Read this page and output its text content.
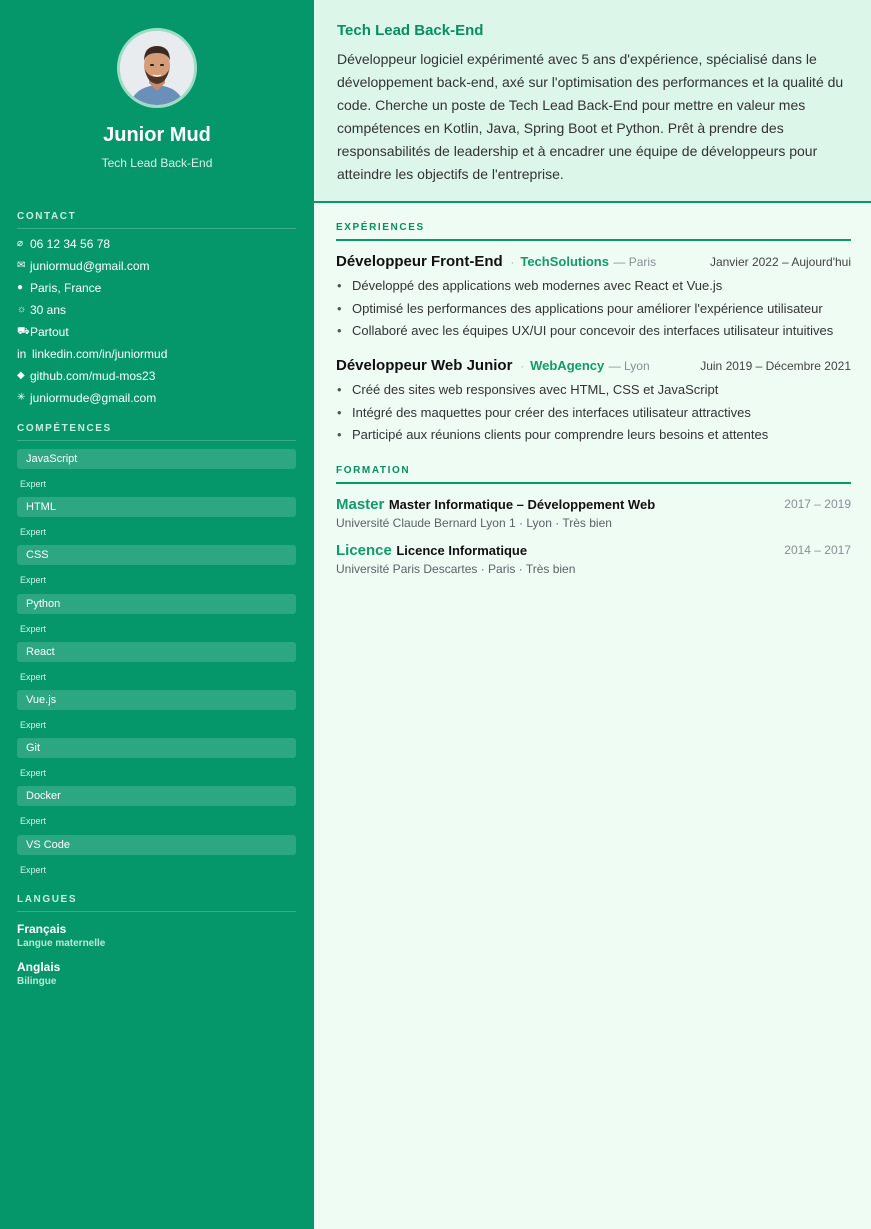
Junior Mud
Tech Lead Back-End
CONTACT
⌀ 06 12 34 56 78
✉ juniormud@gmail.com
● Paris, France
☼ 30 ans
⛟ Partout
in linkedin.com/in/juniormud
◆ github.com/mud-mos23
✳ juniormude@gmail.com
COMPÉTENCES
JavaScript
Expert
HTML
Expert
CSS
Expert
Python
Expert
React
Expert
Vue.js
Expert
Git
Expert
Docker
Expert
VS Code
Expert
LANGUES
Français
Langue maternelle
Anglais
Bilingue
Tech Lead Back-End
Développeur logiciel expérimenté avec 5 ans d'expérience, spécialisé dans le développement back-end, axé sur l'optimisation des performances et la qualité du code. Cherche un poste de Tech Lead Back-End pour mettre en valeur mes compétences en Kotlin, Java, Spring Boot et Python. Prêt à prendre des responsabilités de leadership et à encadrer une équipe de développeurs pour atteindre les objectifs de l'entreprise.
EXPÉRIENCES
Développeur Front-End · TechSolutions — Paris	Janvier 2022 – Aujourd'hui
• Développé des applications web modernes avec React et Vue.js
• Optimisé les performances des applications pour améliorer l'expérience utilisateur
• Collaboré avec les équipes UX/UI pour concevoir des interfaces utilisateur intuitives
Développeur Web Junior · WebAgency — Lyon	Juin 2019 – Décembre 2021
• Créé des sites web responsives avec HTML, CSS et JavaScript
• Intégré des maquettes pour créer des interfaces utilisateur attractives
• Participé aux réunions clients pour comprendre leurs besoins et attentes
FORMATION
Master Master Informatique – Développement Web	2017 – 2019
Université Claude Bernard Lyon 1 · Lyon · Très bien
Licence Licence Informatique	2014 – 2017
Université Paris Descartes · Paris · Très bien
